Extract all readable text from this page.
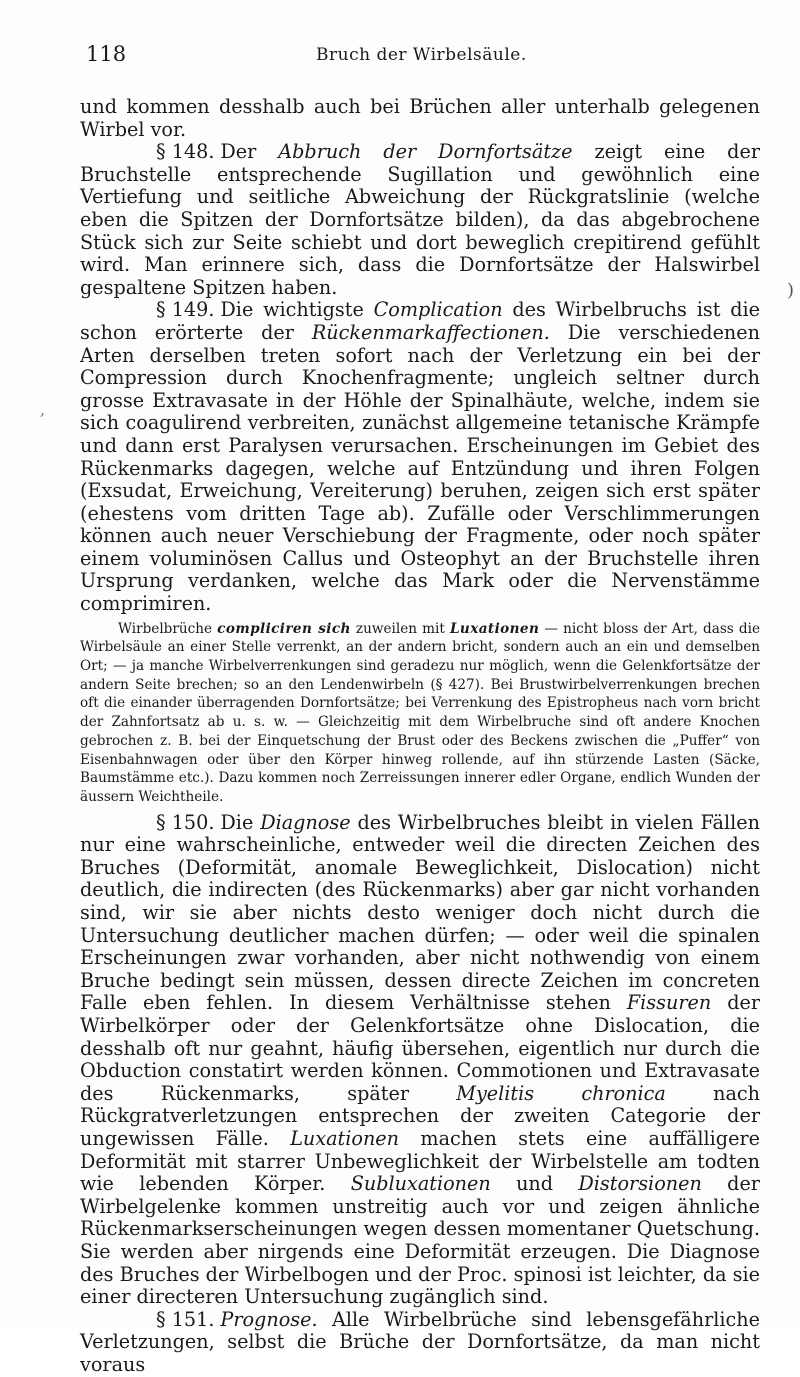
118	Bruch der Wirbelsäule.
)
,

und kommen desshalb auch bei Brüchen aller unterhalb gelegenen Wirbel vor.

§ 148. Der Abbruch der Dornfortsätze zeigt eine der Bruchstelle entsprechende Sugillation und gewöhnlich eine Vertiefung und seitliche Abweichung der Rückgratslinie (welche eben die Spitzen der Dornfortsätze bilden), da das abgebrochene Stück sich zur Seite schiebt und dort beweglich crepitirend gefühlt wird. Man erinnere sich, dass die Dornfortsätze der Halswirbel gespaltene Spitzen haben.

§ 149. Die wichtigste Complication des Wirbelbruchs ist die schon erörterte der Rückenmarkaffectionen. Die verschiedenen Arten derselben treten sofort nach der Verletzung ein bei der Compression durch Knochenfragmente; ungleich seltner durch grosse Extravasate in der Höhle der Spinalhäute, welche, indem sie sich coagulirend verbreiten, zunächst allgemeine tetanische Krämpfe und dann erst Paralysen verursachen. Erscheinungen im Gebiet des Rückenmarks dagegen, welche auf Entzündung und ihren Folgen (Exsudat, Erweichung, Vereiterung) beruhen, zeigen sich erst später (ehestens vom dritten Tage ab). Zufälle oder Verschlimmerungen können auch neuer Verschiebung der Fragmente, oder noch später einem voluminösen Callus und Osteophyt an der Bruchstelle ihren Ursprung verdanken, welche das Mark oder die Nervenstämme comprimiren.

Wirbelbrüche compliciren sich zuweilen mit Luxationen — nicht bloss der Art, dass die Wirbelsäule an einer Stelle verrenkt, an der andern bricht, sondern auch an ein und demselben Ort; — ja manche Wirbelverrenkungen sind geradezu nur möglich, wenn die Gelenkfortsätze der andern Seite brechen; so an den Lendenwirbeln (§ 427). Bei Brustwirbelverrenkungen brechen oft die einander überragenden Dornfortsätze; bei Verrenkung des Epistropheus nach vorn bricht der Zahnfortsatz ab u. s. w. — Gleichzeitig mit dem Wirbelbruche sind oft andere Knochen gebrochen z. B. bei der Einquetschung der Brust oder des Beckens zwischen die „Puffer“ von Eisenbahnwagen oder über den Körper hinweg rollende, auf ihn stürzende Lasten (Säcke, Baumstämme etc.). Dazu kommen noch Zerreissungen innerer edler Organe, endlich Wunden der äussern Weichtheile.

§ 150. Die Diagnose des Wirbelbruches bleibt in vielen Fällen nur eine wahrscheinliche, entweder weil die directen Zeichen des Bruches (Deformität, anomale Beweglichkeit, Dislocation) nicht deutlich, die indirecten (des Rückenmarks) aber gar nicht vorhanden sind, wir sie aber nichts desto weniger doch nicht durch die Untersuchung deutlicher machen dürfen; — oder weil die spinalen Erscheinungen zwar vorhanden, aber nicht nothwendig von einem Bruche bedingt sein müssen, dessen directe Zeichen im concreten Falle eben fehlen. In diesem Verhältnisse stehen Fissuren der Wirbelkörper oder der Gelenkfortsätze ohne Dislocation, die desshalb oft nur geahnt, häufig übersehen, eigentlich nur durch die Obduction constatirt werden können. Commotionen und Extravasate des Rückenmarks, später Myelitis chronica nach Rückgratverletzungen entsprechen der zweiten Categorie der ungewissen Fälle. Luxationen machen stets eine auffälligere Deformität mit starrer Unbeweglichkeit der Wirbelstelle am todten wie lebenden Körper. Subluxationen und Distorsionen der Wirbelgelenke kommen unstreitig auch vor und zeigen ähnliche Rückenmarkserscheinungen wegen dessen momentaner Quetschung. Sie werden aber nirgends eine Deformität erzeugen. Die Diagnose des Bruches der Wirbelbogen und der Proc. spinosi ist leichter, da sie einer directeren Untersuchung zugänglich sind.

§ 151. Prognose. Alle Wirbelbrüche sind lebensgefährliche Verletzungen, selbst die Brüche der Dornfortsätze, da man nicht voraus
